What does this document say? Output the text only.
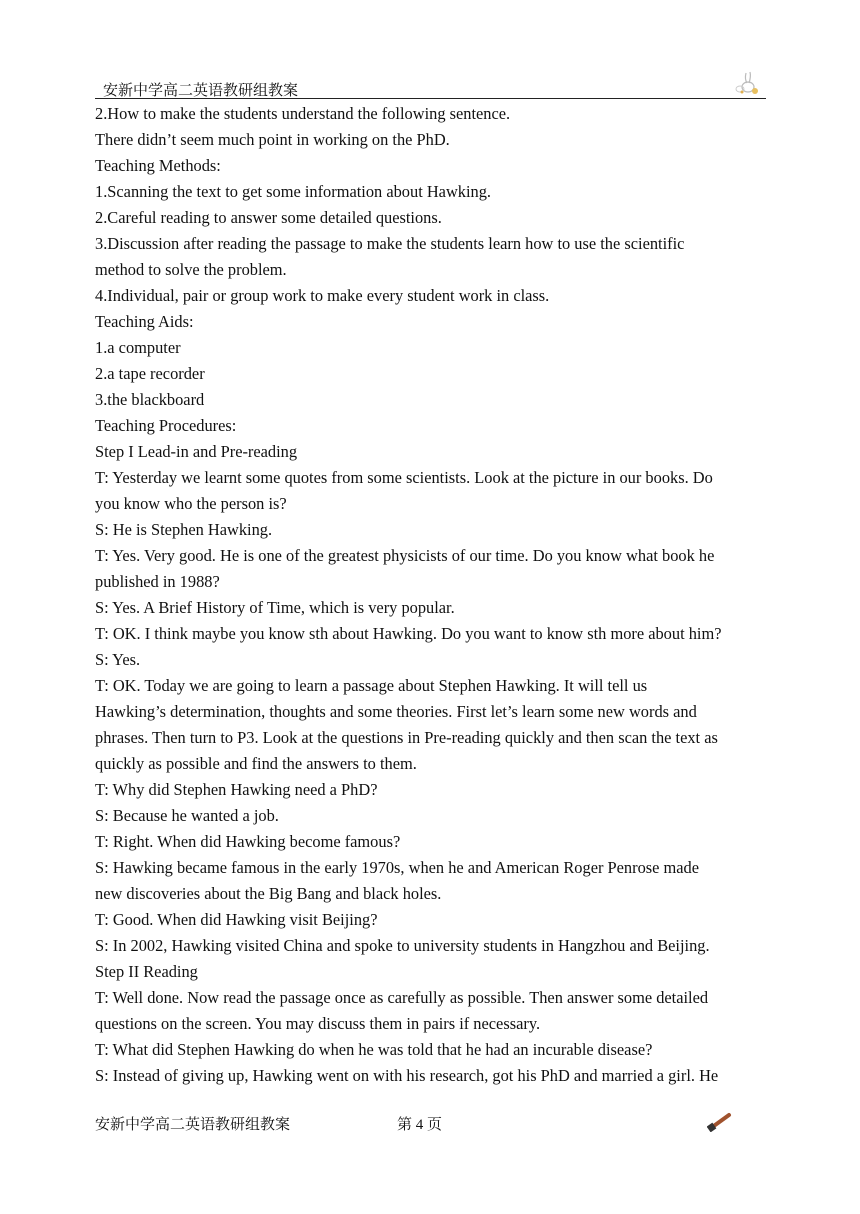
安新中学高二英语教研组教案
2.How to make the students understand the following sentence.
There didn’t seem much point in working on the PhD.
Teaching Methods:
1.Scanning the text to get some information about Hawking.
2.Careful reading to answer some detailed questions.
3.Discussion after reading the passage to make the students learn how to use the scientific
method to solve the problem.
4.Individual, pair or group work to make every student work in class.
Teaching Aids:
1.a computer
2.a tape recorder
3.the blackboard
Teaching Procedures:
Step I Lead-in and Pre-reading
T: Yesterday we learnt some quotes from some scientists. Look at the picture in our books. Do
you know who the person is?
S: He is Stephen Hawking.
T: Yes. Very good. He is one of the greatest physicists of our time. Do you know what book he
published in 1988?
S: Yes. A Brief History of Time, which is very popular.
T: OK. I think maybe you know sth about Hawking. Do you want to know sth more about him?
S: Yes.
T: OK. Today we are going to learn a passage about Stephen Hawking. It will tell us
Hawking’s determination, thoughts and some theories. First let’s learn some new words and
phrases. Then turn to P3. Look at the questions in Pre-reading quickly and then scan the text as
quickly as possible and find the answers to them.
T: Why did Stephen Hawking need a PhD?
S: Because he wanted a job.
T: Right. When did Hawking become famous?
S: Hawking became famous in the early 1970s, when he and American Roger Penrose made
new discoveries about the Big Bang and black holes.
T: Good. When did Hawking visit Beijing?
S: In 2002, Hawking visited China and spoke to university students in Hangzhou and Beijing.
Step II Reading
T: Well done. Now read the passage once as carefully as possible. Then answer some detailed
questions on the screen. You may discuss them in pairs if necessary.
T: What did Stephen Hawking do when he was told that he had an incurable disease?
S: Instead of giving up, Hawking went on with his research, got his PhD and married a girl. He
安新中学高二英语教研组教案	第 4 页
